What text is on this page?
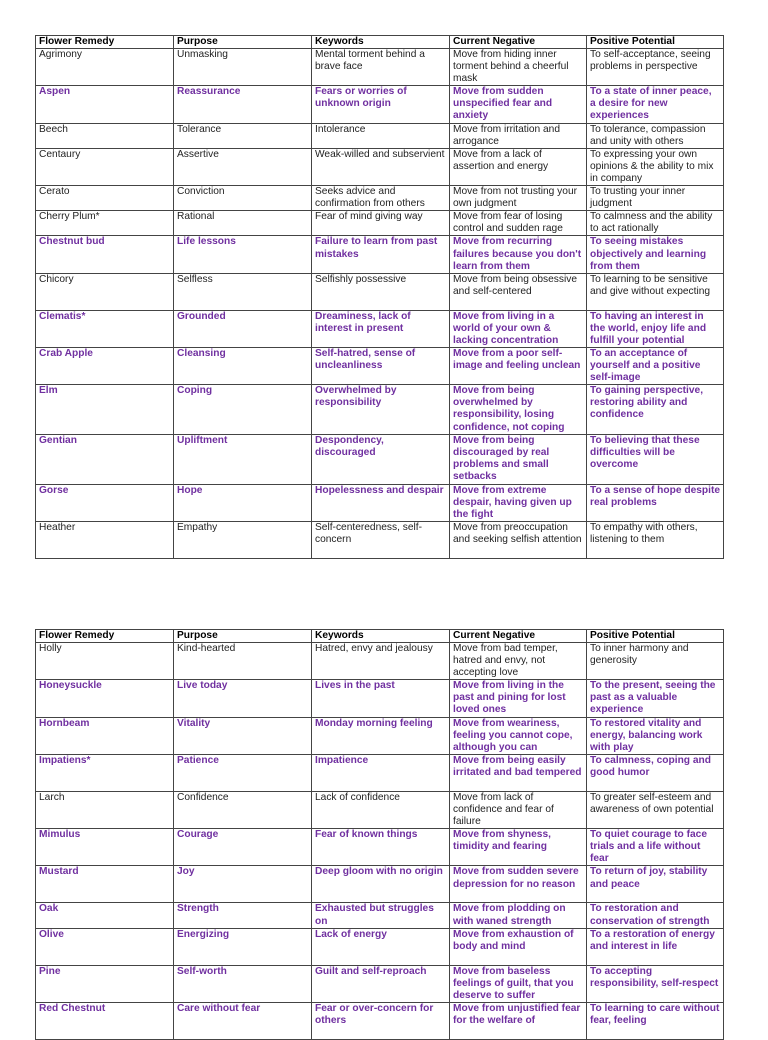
Flower Remedy	Purpose	Keywords	Current Negative	Positive Potential
Agrimony	Unmasking	Mental torment behind a brave face	Move from hiding inner torment behind a cheerful mask	To self-acceptance, seeing problems in perspective
Aspen	Reassurance	Fears or worries of unknown origin	Move from sudden unspecified fear and anxiety	To a state of inner peace, a desire for new experiences
Beech	Tolerance	Intolerance	Move from irritation and arrogance	To tolerance, compassion and unity with others
Centaury	Assertive	Weak-willed and subservient	Move from a lack of assertion and energy	To expressing your own opinions & the ability to mix in company
Cerato	Conviction	Seeks advice and confirmation from others	Move from not trusting your own judgment	To trusting your inner judgment
Cherry Plum*	Rational	Fear of mind giving way	Move from fear of losing control and sudden rage	To calmness and the ability to act rationally
Chestnut bud	Life lessons	Failure to learn from past mistakes	Move from recurring failures because you don't learn from them	To seeing mistakes objectively and learning from them
Chicory	Selfless	Selfishly possessive	Move from being obsessive and self-centered	To learning to be sensitive and give without expecting
Clematis*	Grounded	Dreaminess, lack of interest in present	Move from living in a world of your own & lacking concentration	To having an interest in the world, enjoy life and fulfill your potential
Crab Apple	Cleansing	Self-hatred, sense of uncleanliness	Move from a poor self-image and feeling unclean	To an acceptance of yourself and a positive self-image
Elm	Coping	Overwhelmed by responsibility	Move from being overwhelmed by responsibility, losing confidence, not coping	To gaining perspective, restoring ability and confidence
Gentian	Upliftment	Despondency, discouraged	Move from being discouraged by real problems and small setbacks	To believing that these difficulties will be overcome
Gorse	Hope	Hopelessness and despair	Move from extreme despair, having given up the fight	To a sense of hope despite real problems
Heather	Empathy	Self-centeredness, self-concern	Move from preoccupation and seeking selfish attention	To empathy with others, listening to them
Flower Remedy	Purpose	Keywords	Current Negative	Positive Potential
Holly	Kind-hearted	Hatred, envy and jealousy	Move from bad temper, hatred and envy, not accepting love	To inner harmony and generosity
Honeysuckle	Live today	Lives in the past	Move from living in the past and pining for lost loved ones	To the present, seeing the past as a valuable experience
Hornbeam	Vitality	Monday morning feeling	Move from weariness, feeling you cannot cope, although you can	To restored vitality and energy, balancing work with play
Impatiens*	Patience	Impatience	Move from being easily irritated and bad tempered	To calmness, coping and good humor
Larch	Confidence	Lack of confidence	Move from lack of confidence and fear of failure	To greater self-esteem and awareness of own potential
Mimulus	Courage	Fear of known things	Move from shyness, timidity and fearing	To quiet courage to face trials and a life without fear
Mustard	Joy	Deep gloom with no origin	Move from sudden severe depression for no reason	To return of joy, stability and peace
Oak	Strength	Exhausted but struggles on	Move from plodding on with waned strength	To restoration and conservation of strength
Olive	Energizing	Lack of energy	Move from exhaustion of body and mind	To a restoration of energy and interest in life
Pine	Self-worth	Guilt and self-reproach	Move from baseless feelings of guilt, that you deserve to suffer	To accepting responsibility, self-respect
Red Chestnut	Care without fear	Fear or over-concern for others	Move from unjustified fear for the welfare of	To learning to care without fear, feeling
